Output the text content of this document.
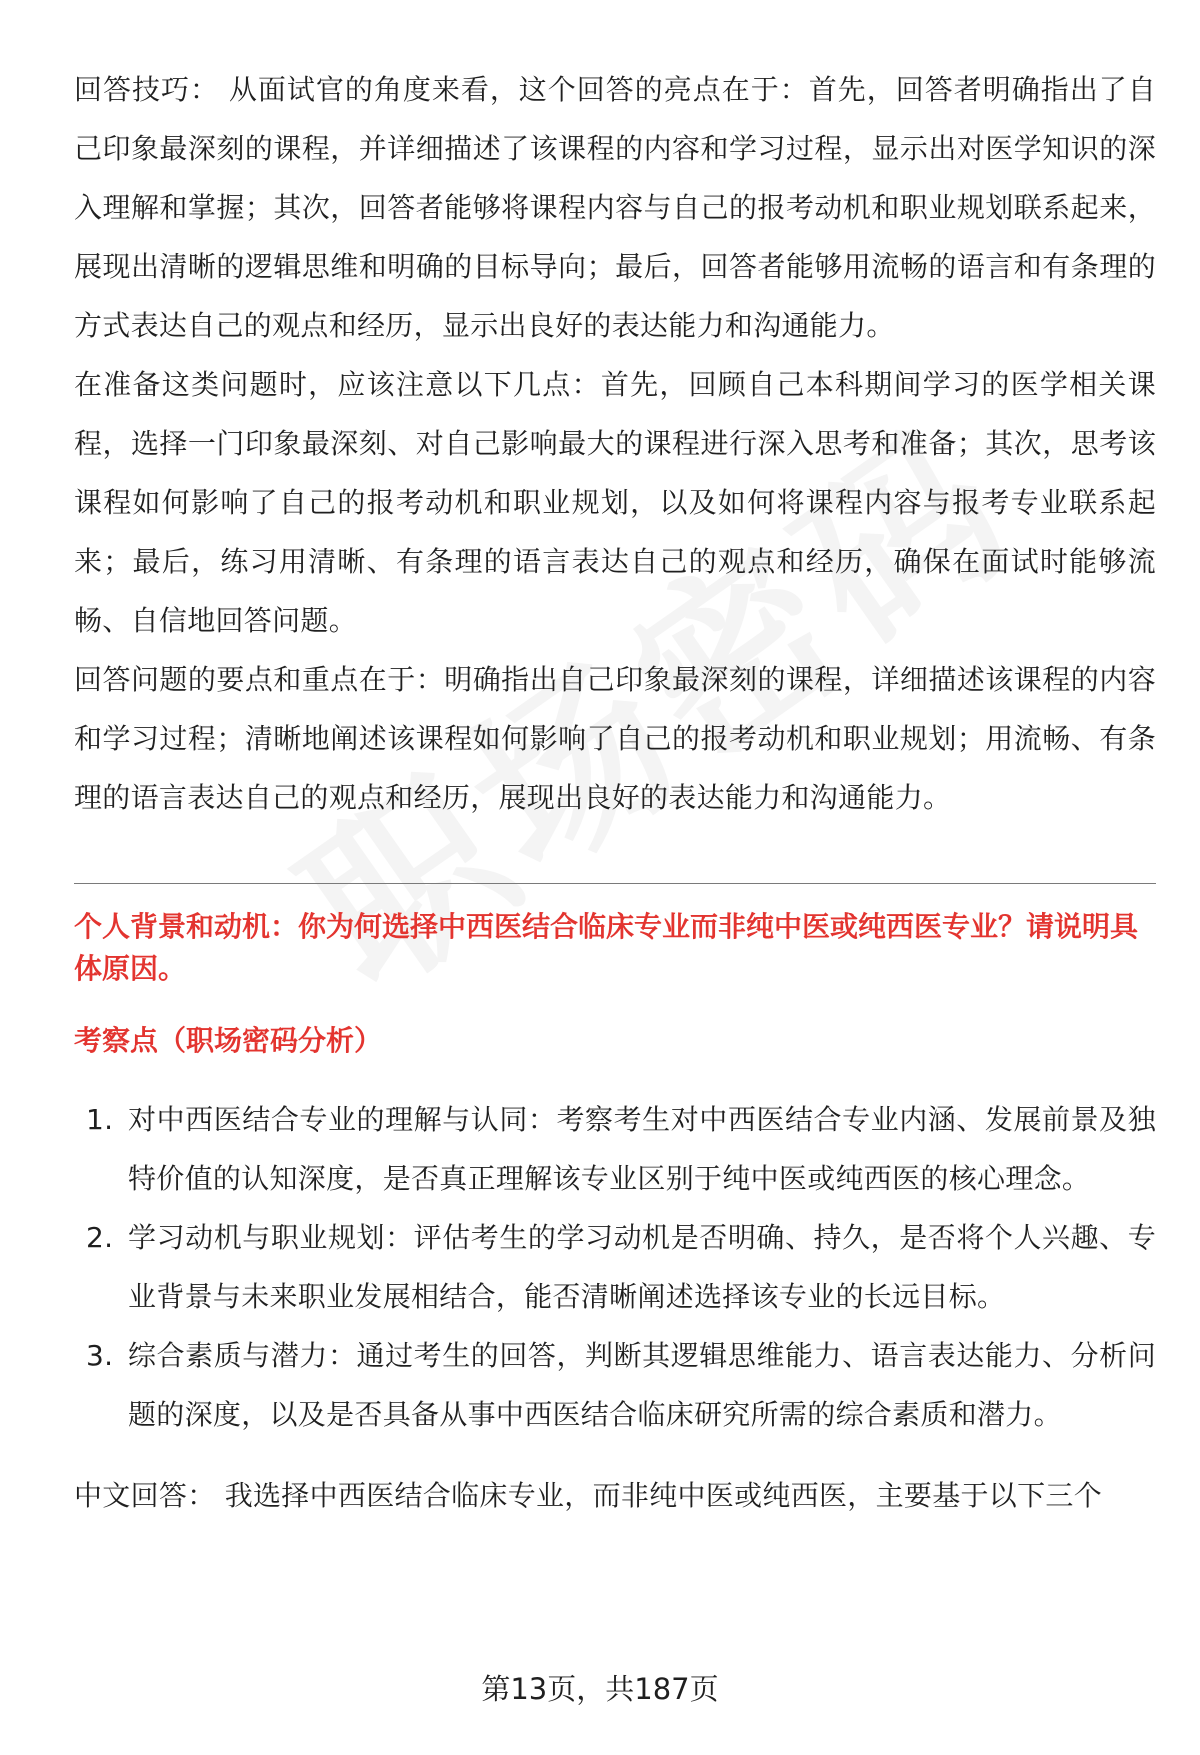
回答技巧： 从面试官的角度来看，这个回答的亮点在于：首先，回答者明确指出了自己印象最深刻的课程，并详细描述了该课程的内容和学习过程，显示出对医学知识的深入理解和掌握；其次，回答者能够将课程内容与自己的报考动机和职业规划联系起来，展现出清晰的逻辑思维和明确的目标导向；最后，回答者能够用流畅的语言和有条理的方式表达自己的观点和经历，显示出良好的表达能力和沟通能力。

在准备这类问题时，应该注意以下几点：首先，回顾自己本科期间学习的医学相关课程，选择一门印象最深刻、对自己影响最大的课程进行深入思考和准备；其次，思考该课程如何影响了自己的报考动机和职业规划，以及如何将课程内容与报考专业联系起来；最后，练习用清晰、有条理的语言表达自己的观点和经历，确保在面试时能够流畅、自信地回答问题。

回答问题的要点和重点在于：明确指出自己印象最深刻的课程，详细描述该课程的内容和学习过程；清晰地阐述该课程如何影响了自己的报考动机和职业规划；用流畅、有条理的语言表达自己的观点和经历，展现出良好的表达能力和沟通能力。

个人背景和动机：你为何选择中西医结合临床专业而非纯中医或纯西医专业？请说明具体原因。
考察点（职场密码分析）
1. 对中西医结合专业的理解与认同：考察考生对中西医结合专业内涵、发展前景及独特价值的认知深度，是否真正理解该专业区别于纯中医或纯西医的核心理念。
2. 学习动机与职业规划：评估考生的学习动机是否明确、持久，是否将个人兴趣、专业背景与未来职业发展相结合，能否清晰阐述选择该专业的长远目标。
3. 综合素质与潜力：通过考生的回答，判断其逻辑思维能力、语言表达能力、分析问题的深度，以及是否具备从事中西医结合临床研究所需的综合素质和潜力。

中文回答： 我选择中西医结合临床专业，而非纯中医或纯西医，主要基于以下三个

第13页，共187页
